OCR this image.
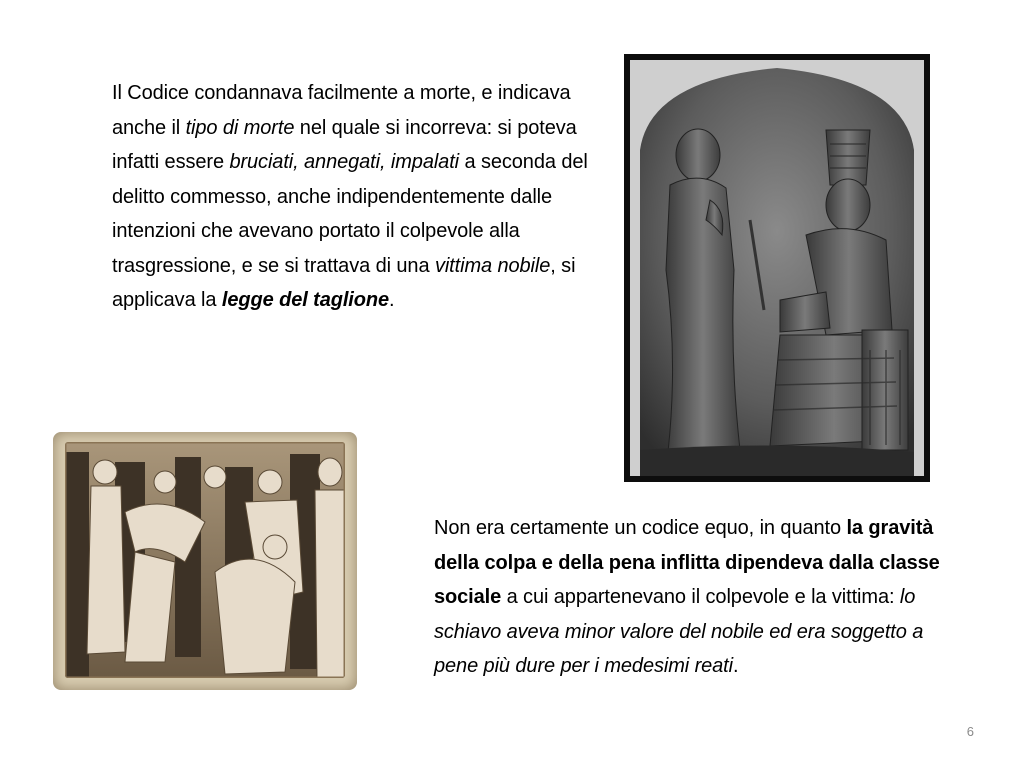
Il Codice condannava facilmente a morte, e indicava anche il tipo di morte nel quale si incorreva: si poteva infatti essere bruciati, annegati, impalati a seconda del delitto commesso, anche indipendentemente dalle intenzioni che avevano portato il colpevole alla trasgressione, e se si trattava di una vittima nobile, si applicava la legge del taglione.
Non era certamente un codice equo, in quanto la gravità della colpa e della pena inflitta dipendeva dalla classe sociale a cui appartenevano il colpevole e la vittima: lo schiavo aveva minor valore del nobile ed era soggetto a pene più dure per i medesimi reati.
6
